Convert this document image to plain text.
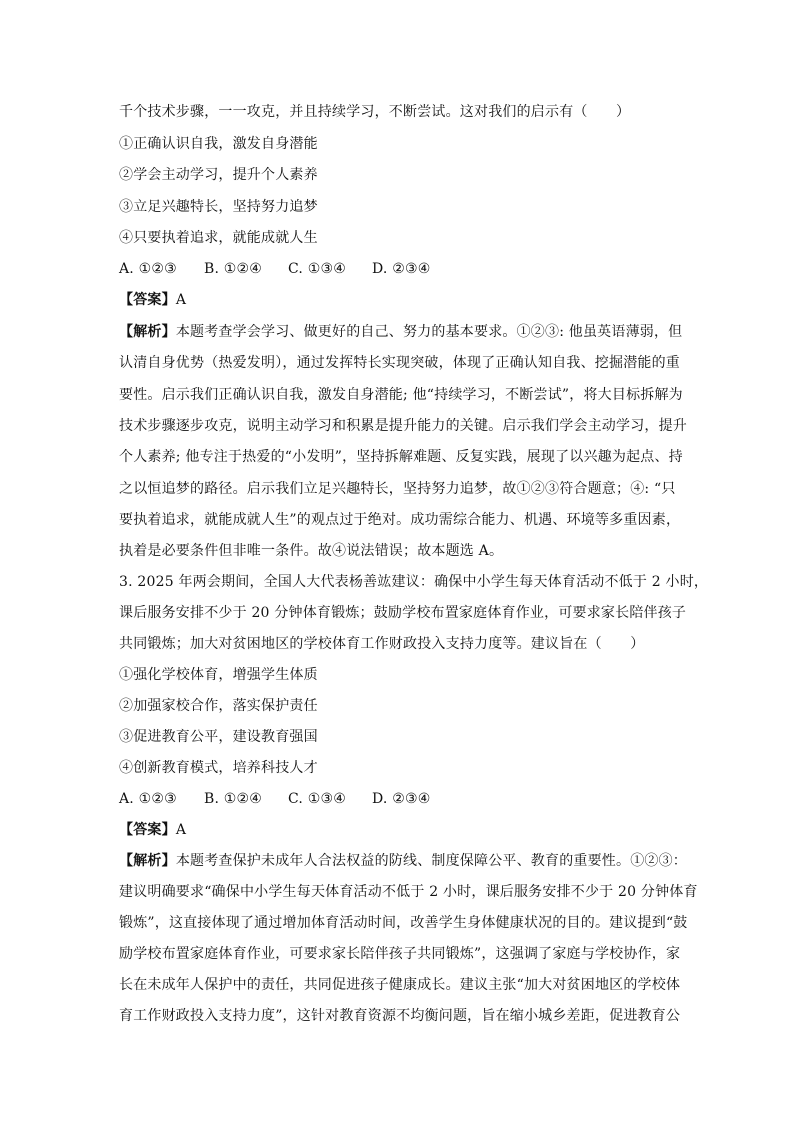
千个技术步骤，一一攻克，并且持续学习，不断尝试。这对我们的启示有（　　）
①正确认识自我，激发自身潜能
②学会主动学习，提升个人素养
③立足兴趣特长，坚持努力追梦
④只要执着追求，就能成就人生
A. ①②③	B. ①②④	C. ①③④	D. ②③④
【答案】A
【解析】本题考查学会学习、做更好的自己、努力的基本要求。①②③: 他虽英语薄弱，但
认清自身优势（热爱发明），通过发挥特长实现突破，体现了正确认知自我、挖掘潜能的重
要性。启示我们正确认识自我，激发自身潜能; 他“持续学习，不断尝试”，将大目标拆解为
技术步骤逐步攻克，说明主动学习和积累是提升能力的关键。启示我们学会主动学习，提升
个人素养; 他专注于热爱的“小发明”，坚持拆解难题、反复实践，展现了以兴趣为起点、持
之以恒追梦的路径。启示我们立足兴趣特长，坚持努力追梦，故①②③符合题意；④: “只
要执着追求，就能成就人生”的观点过于绝对。成功需综合能力、机遇、环境等多重因素，
执着是必要条件但非唯一条件。故④说法错误；故本题选 A。
3. 2025 年两会期间，全国人大代表杨善竑建议：确保中小学生每天体育活动不低于 2 小时，
课后服务安排不少于 20 分钟体育锻炼；鼓励学校布置家庭体育作业，可要求家长陪伴孩子
共同锻炼；加大对贫困地区的学校体育工作财政投入支持力度等。建议旨在（　　）
①强化学校体育，增强学生体质
②加强家校合作，落实保护责任
③促进教育公平，建设教育强国
④创新教育模式，培养科技人才
A. ①②③	B. ①②④	C. ①③④	D. ②③④
【答案】A
【解析】本题考查保护未成年人合法权益的防线、制度保障公平、教育的重要性。①②③：
建议明确要求“确保中小学生每天体育活动不低于 2 小时，课后服务安排不少于 20 分钟体育
锻炼”，这直接体现了通过增加体育活动时间，改善学生身体健康状况的目的。建议提到“鼓
励学校布置家庭体育作业，可要求家长陪伴孩子共同锻炼”，这强调了家庭与学校协作，家
长在未成年人保护中的责任，共同促进孩子健康成长。建议主张“加大对贫困地区的学校体
育工作财政投入支持力度”，这针对教育资源不均衡问题，旨在缩小城乡差距，促进教育公
